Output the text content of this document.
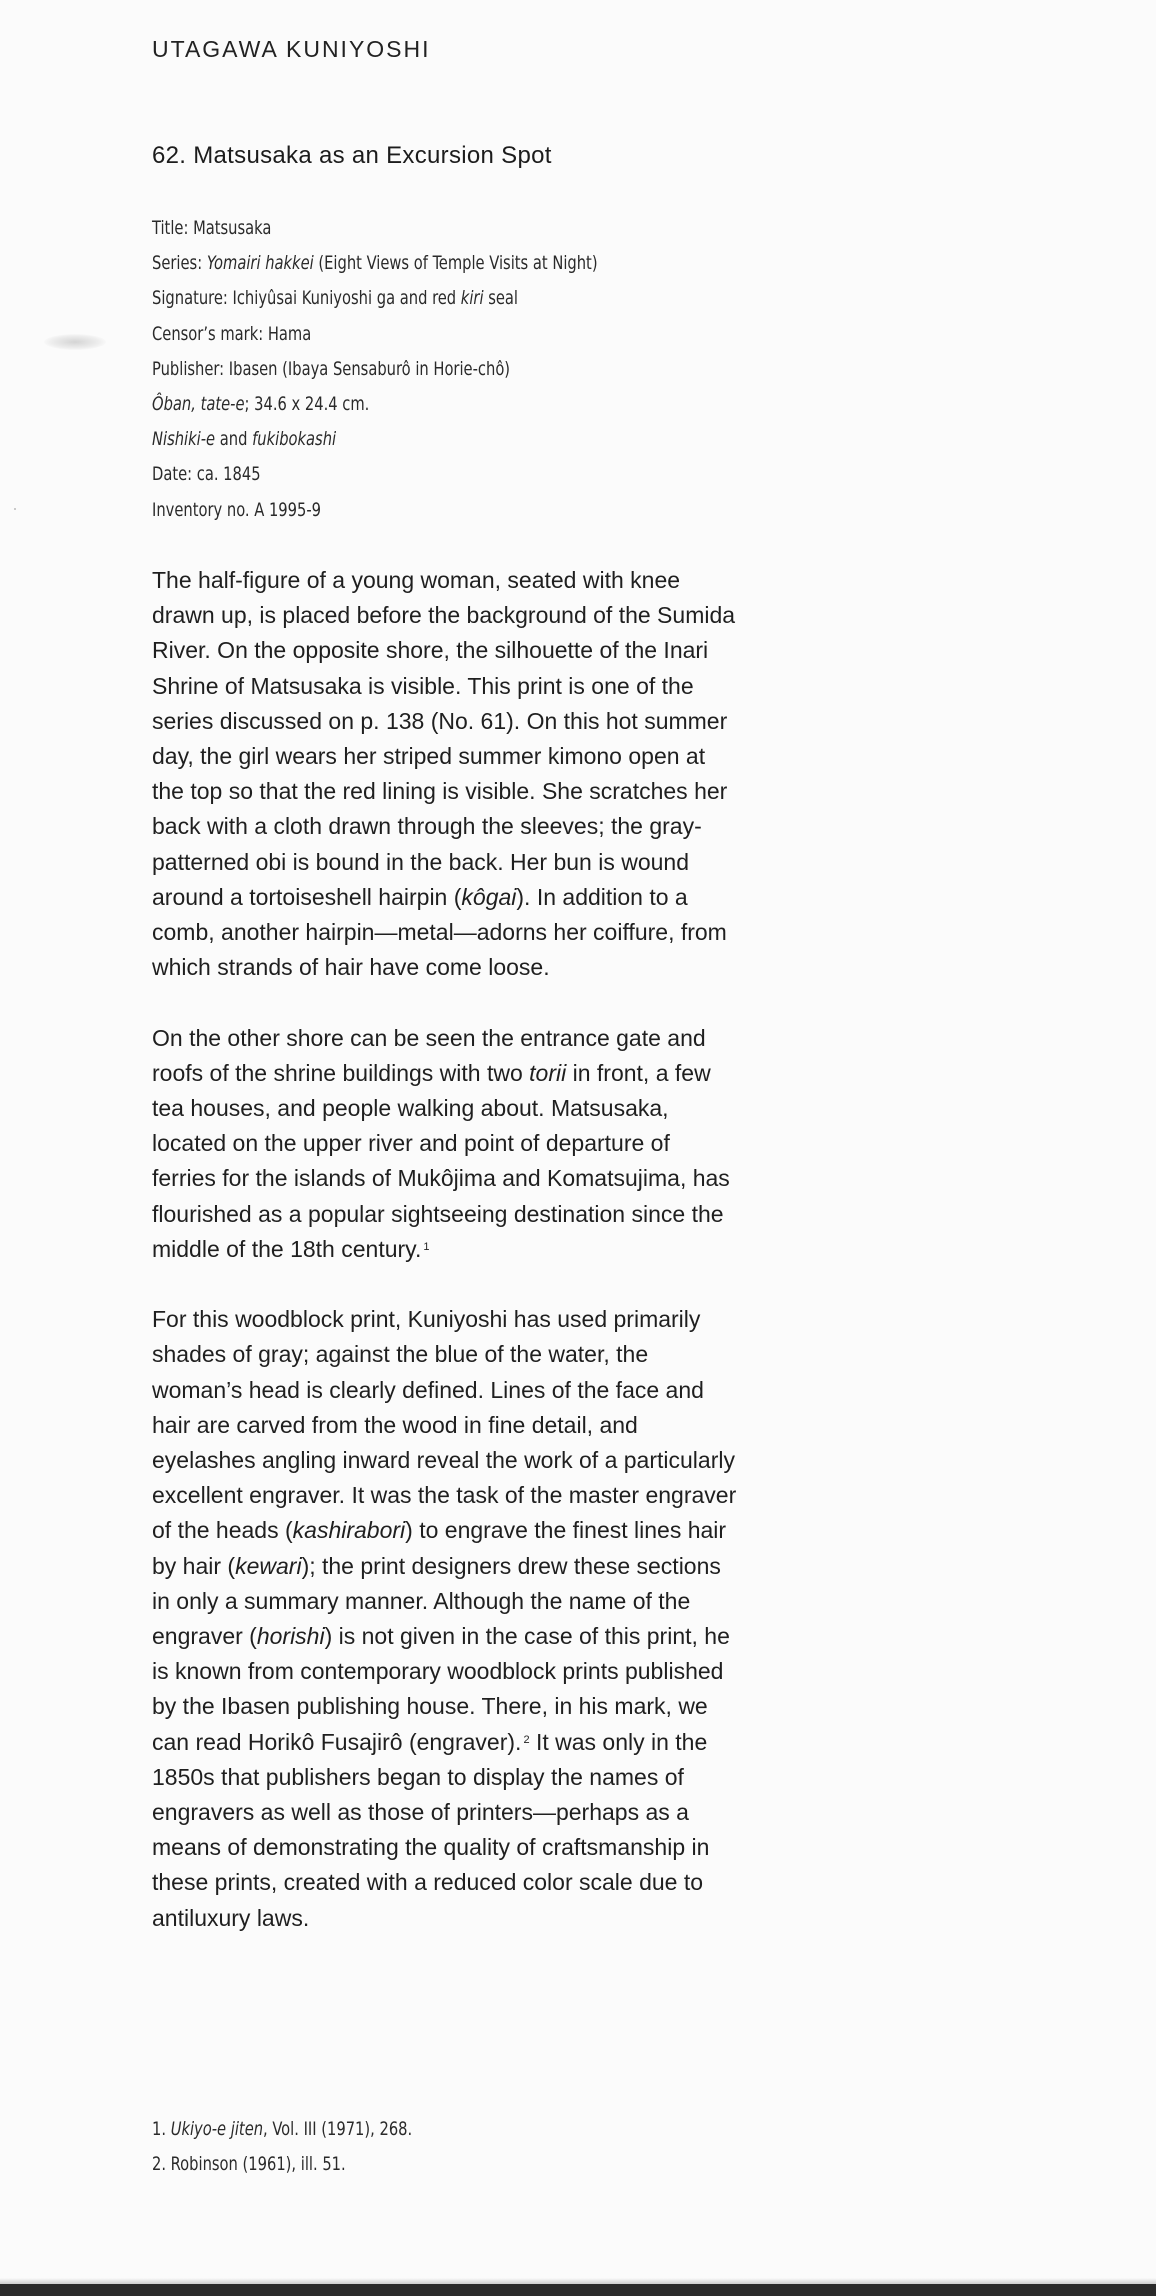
UTAGAWA KUNIYOSHI
62. Matsusaka as an Excursion Spot
Title: Matsusaka
Series: Yomairi hakkei (Eight Views of Temple Visits at Night)
Signature: Ichiyûsai Kuniyoshi ga and red kiri seal
Censor’s mark: Hama
Publisher: Ibasen (Ibaya Sensaburô in Horie-chô)
Ôban, tate-e; 34.6 x 24.4 cm.
Nishiki-e and fukibokashi
Date: ca. 1845
Inventory no. A 1995-9

The half-figure of a young woman, seated with knee
drawn up, is placed before the background of the Sumida
River. On the opposite shore, the silhouette of the Inari
Shrine of Matsusaka is visible. This print is one of the
series discussed on p. 138 (No. 61). On this hot summer
day, the girl wears her striped summer kimono open at
the top so that the red lining is visible. She scratches her
back with a cloth drawn through the sleeves; the gray-
patterned obi is bound in the back. Her bun is wound
around a tortoiseshell hairpin (kôgai). In addition to a
comb, another hairpin—metal—adorns her coiffure, from
which strands of hair have come loose.

On the other shore can be seen the entrance gate and
roofs of the shrine buildings with two torii in front, a few
tea houses, and people walking about. Matsusaka,
located on the upper river and point of departure of
ferries for the islands of Mukôjima and Komatsujima, has
flourished as a popular sightseeing destination since the
middle of the 18th century. $^1$

For this woodblock print, Kuniyoshi has used primarily
shades of gray; against the blue of the water, the
woman’s head is clearly defined. Lines of the face and
hair are carved from the wood in fine detail, and
eyelashes angling inward reveal the work of a particularly
excellent engraver. It was the task of the master engraver
of the heads (kashirabori) to engrave the finest lines hair
by hair (kewari); the print designers drew these sections
in only a summary manner. Although the name of the
engraver (horishi) is not given in the case of this print, he
is known from contemporary woodblock prints published
by the Ibasen publishing house. There, in his mark, we
can read Horikô Fusajirô (engraver). $^2$ It was only in the
1850s that publishers began to display the names of
engravers as well as those of printers—perhaps as a
means of demonstrating the quality of craftsmanship in
these prints, created with a reduced color scale due to
antiluxury laws.

1. Ukiyo-e jiten, Vol. III (1971), 268.
2. Robinson (1961), ill. 51.
